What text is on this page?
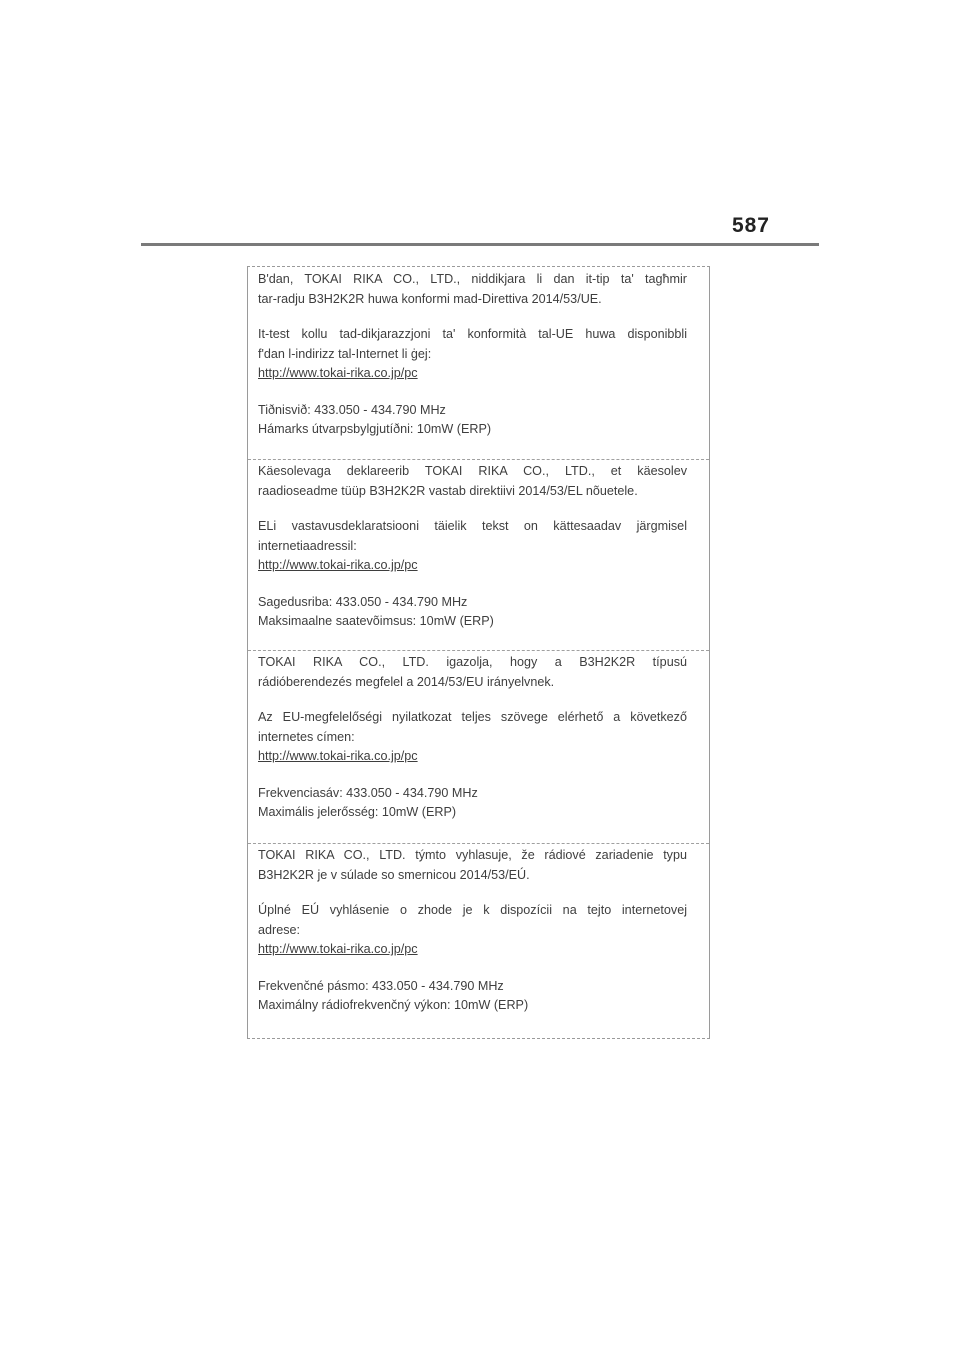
587
B'dan, TOKAI RIKA CO., LTD., niddikjara li dan it-tip ta' tagħmir
tar-radju B3H2K2R huwa konformi mad-Direttiva 2014/53/UE.
It-test kollu tad-dikjarazzjoni ta' konformità tal-UE huwa disponibbli
f'dan l-indirizz tal-Internet li ġej:
http://www.tokai-rika.co.jp/pc
Tiðnisvið: 433.050 - 434.790 MHz
Hámarks útvarpsbylgjutíðni: 10mW (ERP)
Käesolevaga deklareerib TOKAI RIKA CO., LTD., et käesolev
raadioseadme tüüp B3H2K2R vastab direktiivi 2014/53/EL nõuetele.
ELi vastavusdeklaratsiooni täielik tekst on kättesaadav järgmisel
internetiaadressil:
http://www.tokai-rika.co.jp/pc
Sagedusriba: 433.050 - 434.790 MHz
Maksimaalne saatevõimsus: 10mW (ERP)
TOKAI RIKA CO., LTD. igazolja, hogy a B3H2K2R típusú
rádióberendezés megfelel a 2014/53/EU irányelvnek.
Az EU-megfelelőségi nyilatkozat teljes szövege elérhető a következő
internetes címen:
http://www.tokai-rika.co.jp/pc
Frekvenciasáv: 433.050 - 434.790 MHz
Maximális jelerősség: 10mW (ERP)
TOKAI RIKA CO., LTD. týmto vyhlasuje, že rádiové zariadenie typu
B3H2K2R je v súlade so smernicou 2014/53/EÚ.
Úplné EÚ vyhlásenie o zhode je k dispozícii na tejto internetovej
adrese:
http://www.tokai-rika.co.jp/pc
Frekvenčné pásmo: 433.050 - 434.790 MHz
Maximálny rádiofrekvenčný výkon: 10mW (ERP)
